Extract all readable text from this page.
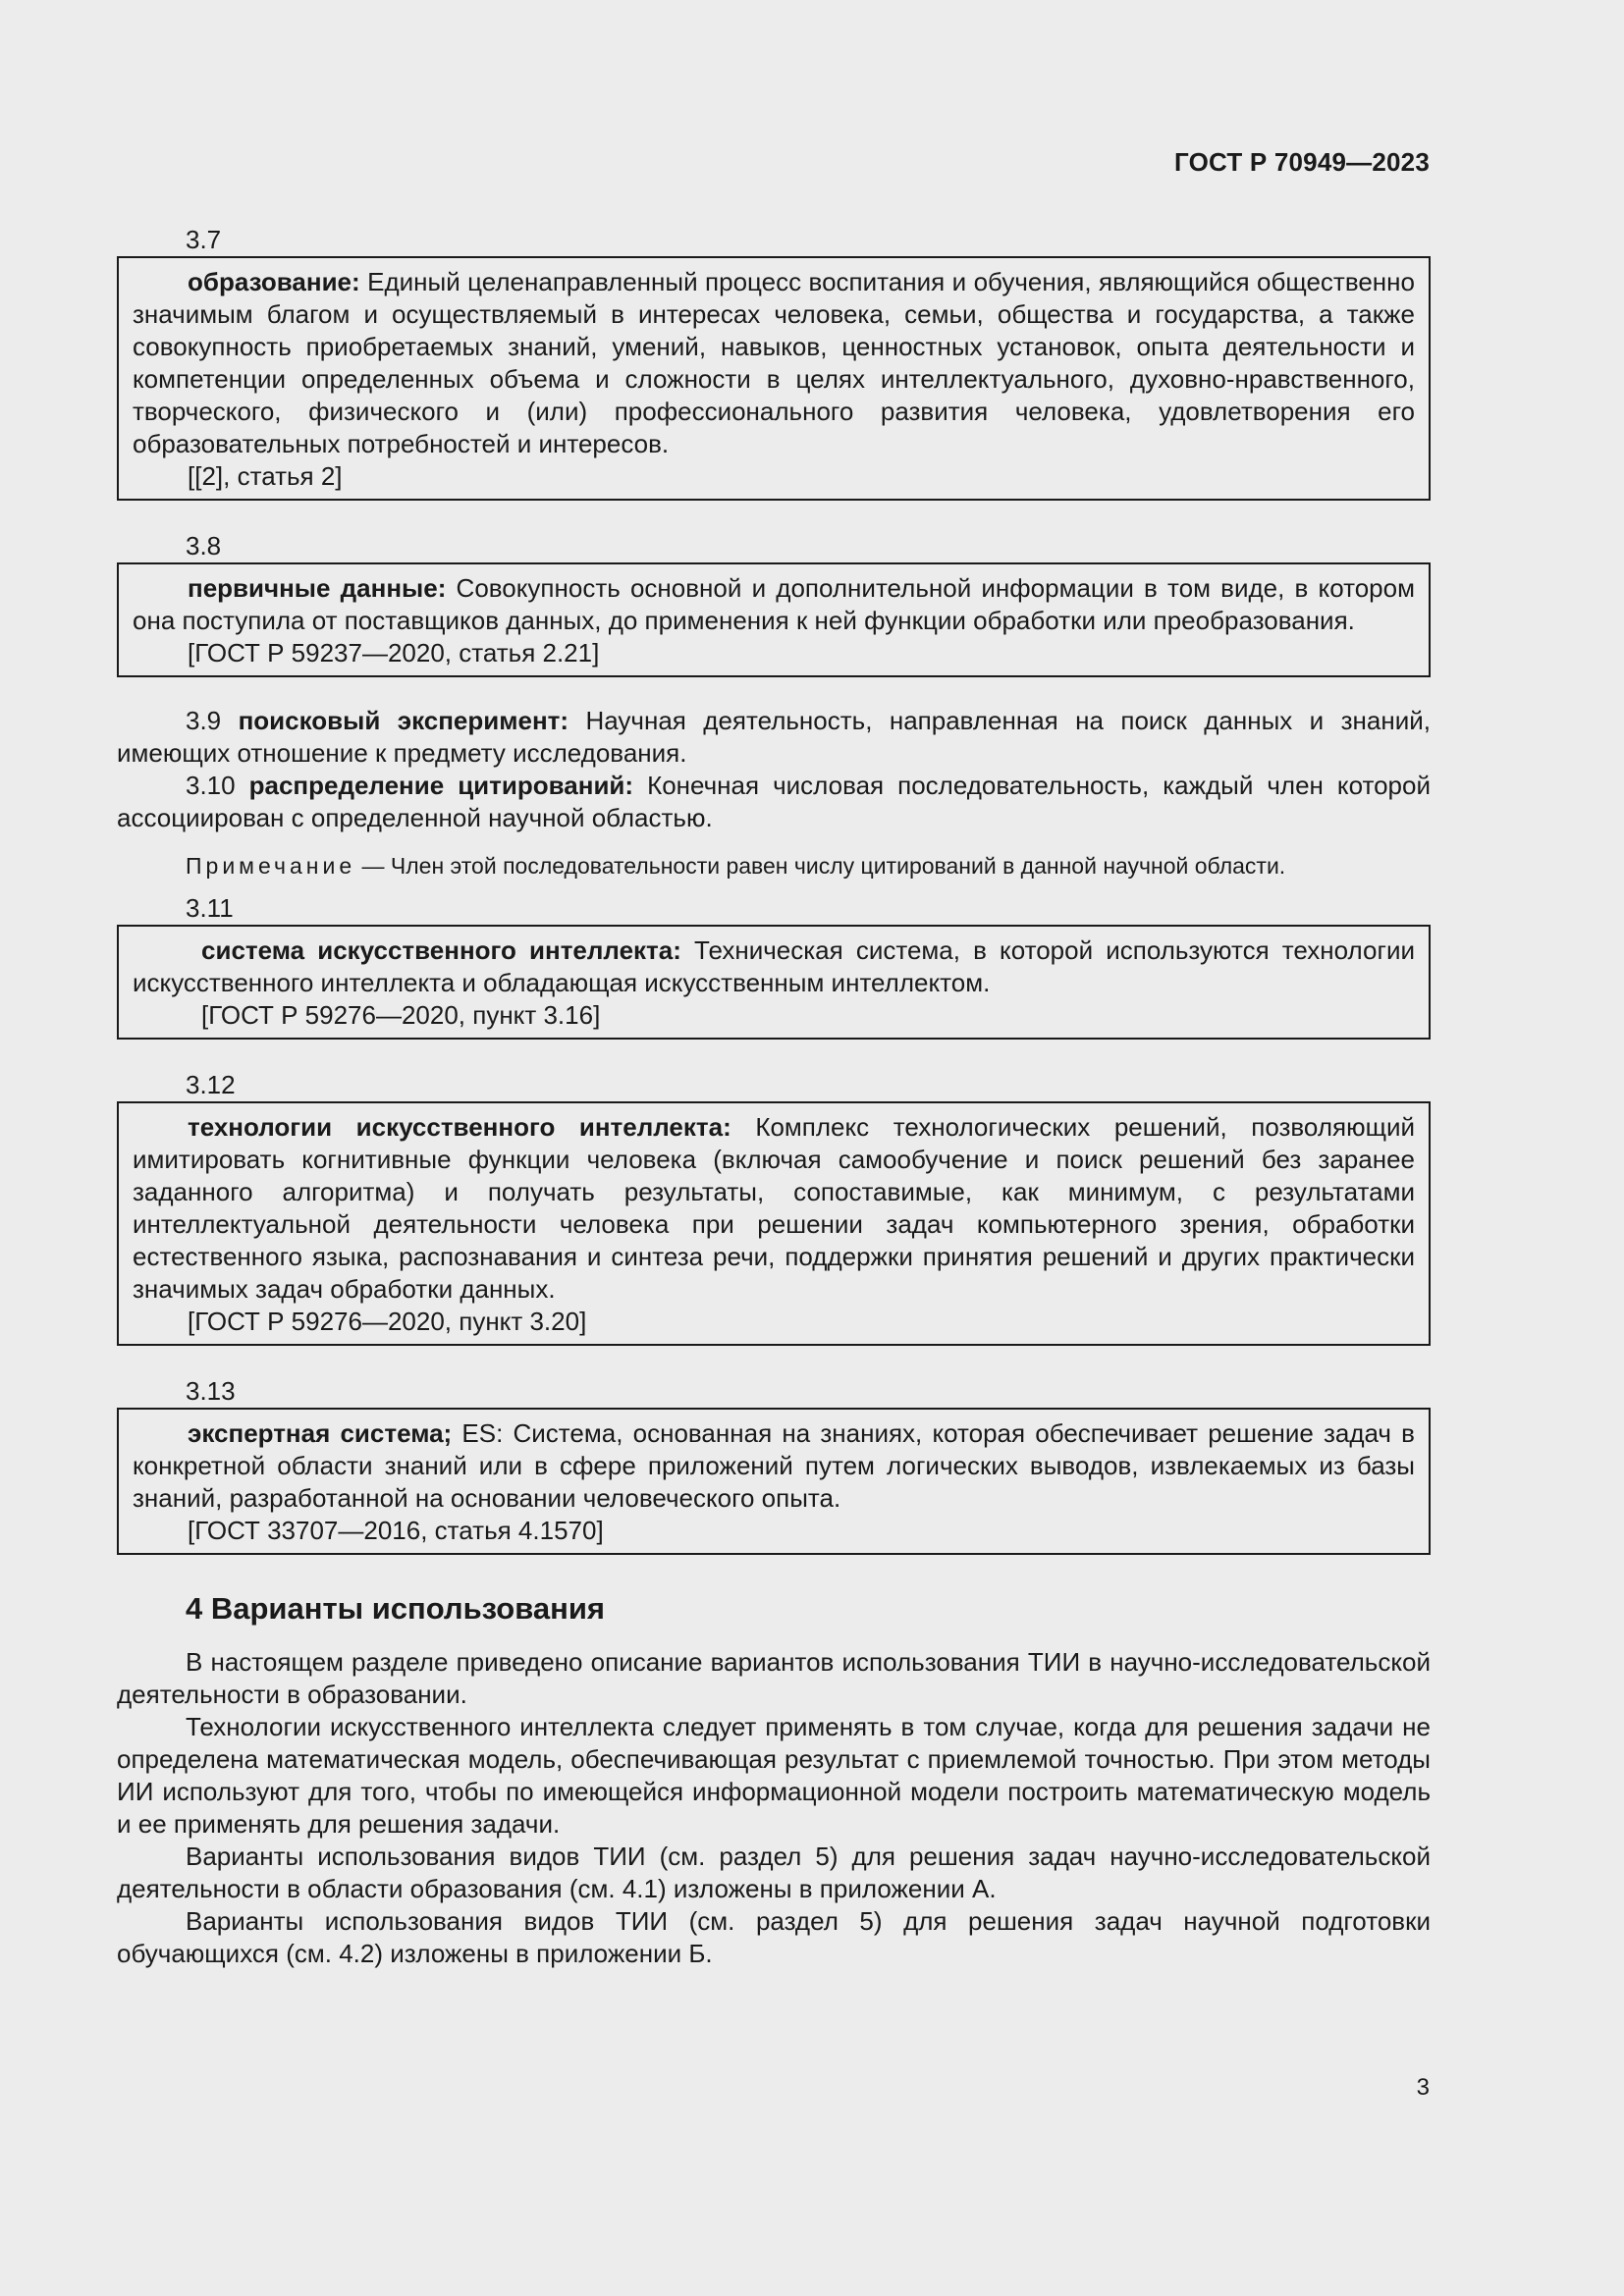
ГОСТ Р 70949—2023
3.7
образование: Единый целенаправленный процесс воспитания и обучения, являющийся общественно значимым благом и осуществляемый в интересах человека, семьи, общества и государства, а также совокупность приобретаемых знаний, умений, навыков, ценностных установок, опыта деятельности и компетенции определенных объема и сложности в целях интеллектуального, духовно-нравственного, творческого, физического и (или) профессионального развития человека, удовлетворения его образовательных потребностей и интересов.
[[2], статья 2]
3.8
первичные данные: Совокупность основной и дополнительной информации в том виде, в котором она поступила от поставщиков данных, до применения к ней функции обработки или преобразования.
[ГОСТ Р 59237—2020, статья 2.21]

3.9 поисковый эксперимент: Научная деятельность, направленная на поиск данных и знаний, имеющих отношение к предмету исследования.

3.10 распределение цитирований: Конечная числовая последовательность, каждый член которой ассоциирован с определенной научной областью.

Примечание — Член этой последовательности равен числу цитирований в данной научной области.
3.11
система искусственного интеллекта: Техническая система, в которой используются технологии искусственного интеллекта и обладающая искусственным интеллектом.
[ГОСТ Р 59276—2020, пункт 3.16]
3.12
технологии искусственного интеллекта: Комплекс технологических решений, позволяющий имитировать когнитивные функции человека (включая самообучение и поиск решений без заранее заданного алгоритма) и получать результаты, сопоставимые, как минимум, с результатами интеллектуальной деятельности человека при решении задач компьютерного зрения, обработки естественного языка, распознавания и синтеза речи, поддержки принятия решений и других практически значимых задач обработки данных.
[ГОСТ Р 59276—2020, пункт 3.20]
3.13
экспертная система; ES: Система, основанная на знаниях, которая обеспечивает решение задач в конкретной области знаний или в сфере приложений путем логических выводов, извлекаемых из базы знаний, разработанной на основании человеческого опыта.
[ГОСТ 33707—2016, статья 4.1570]
4 Варианты использования

В настоящем разделе приведено описание вариантов использования ТИИ в научно-исследовательской деятельности в образовании.

Технологии искусственного интеллекта следует применять в том случае, когда для решения задачи не определена математическая модель, обеспечивающая результат с приемлемой точностью. При этом методы ИИ используют для того, чтобы по имеющейся информационной модели построить математическую модель и ее применять для решения задачи.

Варианты использования видов ТИИ (см. раздел 5) для решения задач научно-исследовательской деятельности в области образования (см. 4.1) изложены в приложении А.

Варианты использования видов ТИИ (см. раздел 5) для решения задач научной подготовки обучающихся (см. 4.2) изложены в приложении Б.

3
